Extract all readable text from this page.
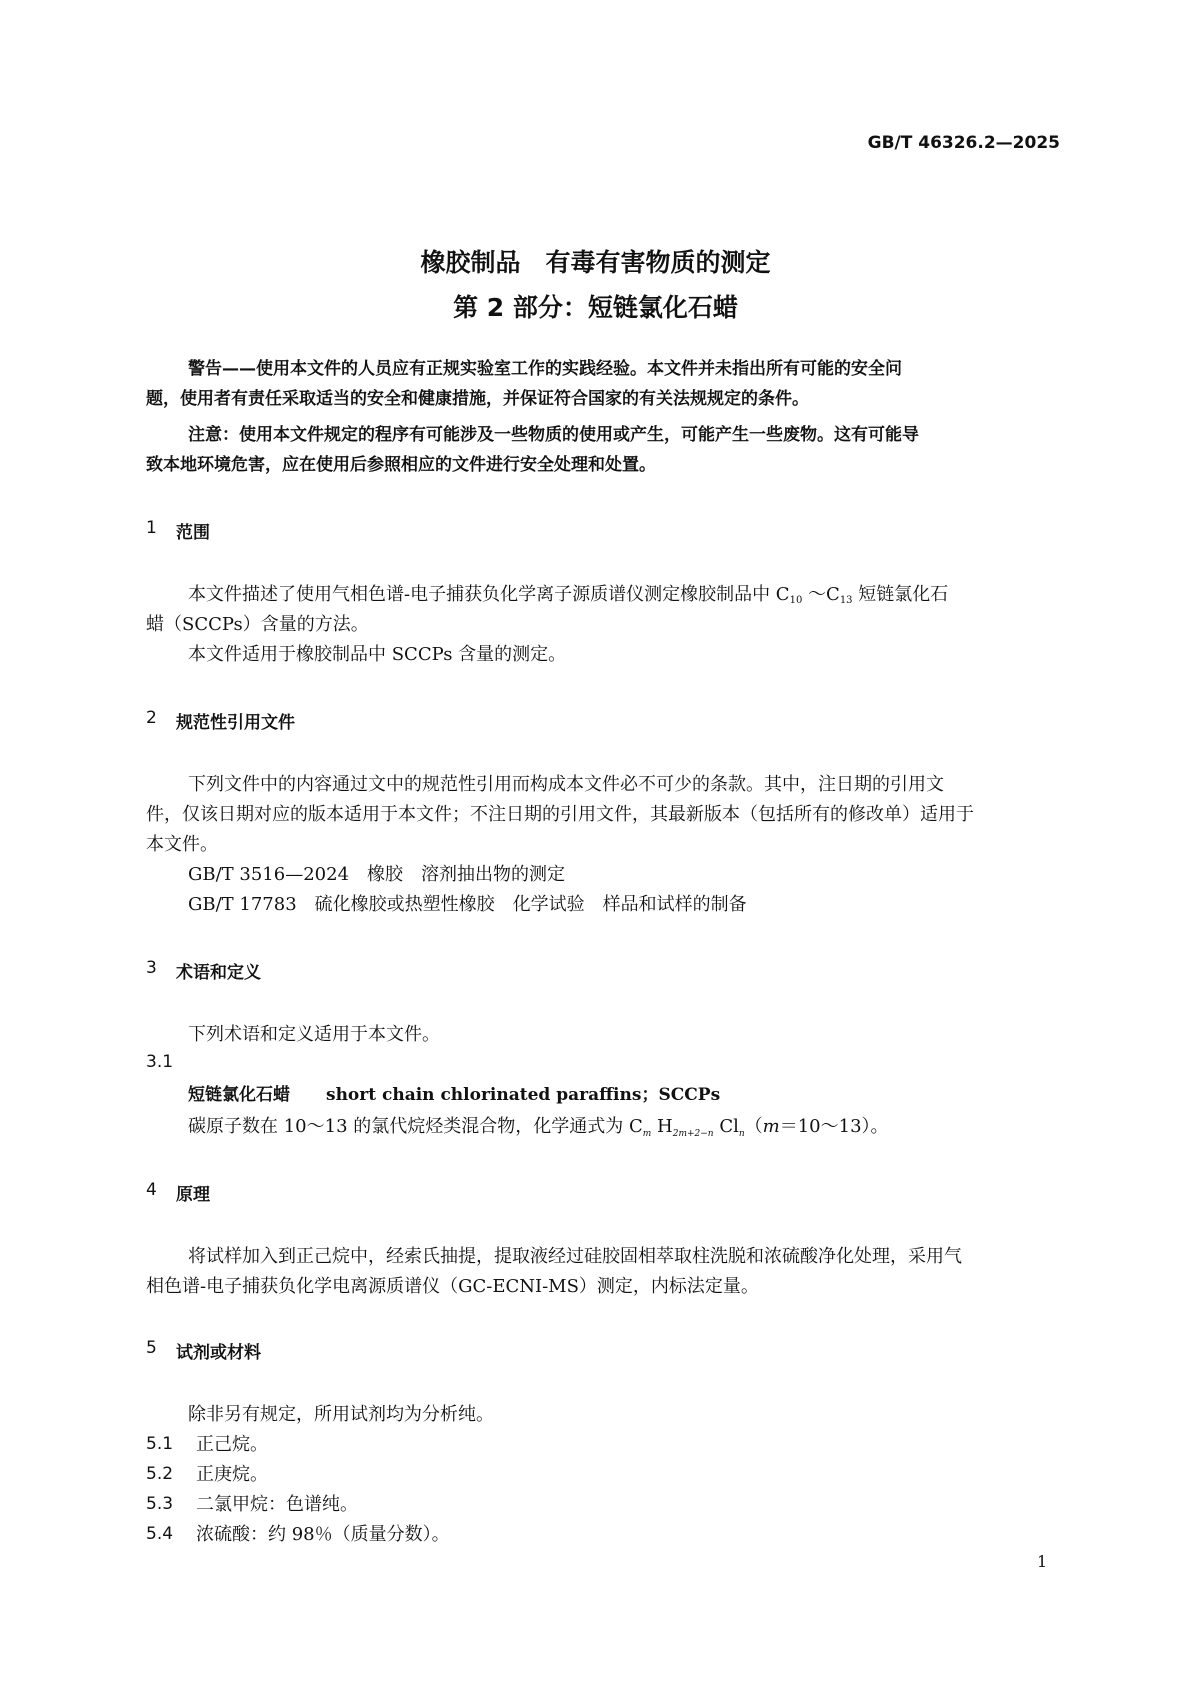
GB/T 46326.2—2025
橡胶制品　有毒有害物质的测定
第 2 部分：短链氯化石蜡
警告——使用本文件的人员应有正规实验室工作的实践经验。本文件并未指出所有可能的安全问
题，使用者有责任采取适当的安全和健康措施，并保证符合国家的有关法规规定的条件。
注意：使用本文件规定的程序有可能涉及一些物质的使用或产生，可能产生一些废物。这有可能导
致本地环境危害，应在使用后参照相应的文件进行安全处理和处置。
1 范围
本文件描述了使用气相色谱-电子捕获负化学离子源质谱仪测定橡胶制品中 $C_{10}$ $\sim C_{13}$ 短链氯化石
蜡（SCCPs）含量的方法。
本文件适用于橡胶制品中 SCCPs 含量的测定。
2 规范性引用文件
下列文件中的内容通过文中的规范性引用而构成本文件必不可少的条款。其中，注日期的引用文
件，仅该日期对应的版本适用于本文件；不注日期的引用文件，其最新版本（包括所有的修改单）适用于
本文件。
GB/T 3516—2024　橡胶　溶剂抽出物的测定
GB/T 17783　硫化橡胶或热塑性橡胶　化学试验　样品和试样的制备
3 术语和定义
下列术语和定义适用于本文件。
3.1
短链氯化石蜡 short chain chlorinated paraffins；SCCPs
碳原子数在 10～13 的氯代烷烃类混合物，化学通式为 $C_m$ $H_{2m+2-n}$ $Cl_n(m=10\sim 13)$。
4 原理
将试样加入到正己烷中，经索氏抽提，提取液经过硅胶固相萃取柱洗脱和浓硫酸净化处理，采用气
相色谱-电子捕获负化学电离源质谱仪（GC-ECNI-MS）测定，内标法定量。
5 试剂或材料
除非另有规定，所用试剂均为分析纯。
5.1 正己烷。
5.2 正庚烷。
5.3 二氯甲烷：色谱纯。
5.4 浓硫酸：约 98％（质量分数）。
1
